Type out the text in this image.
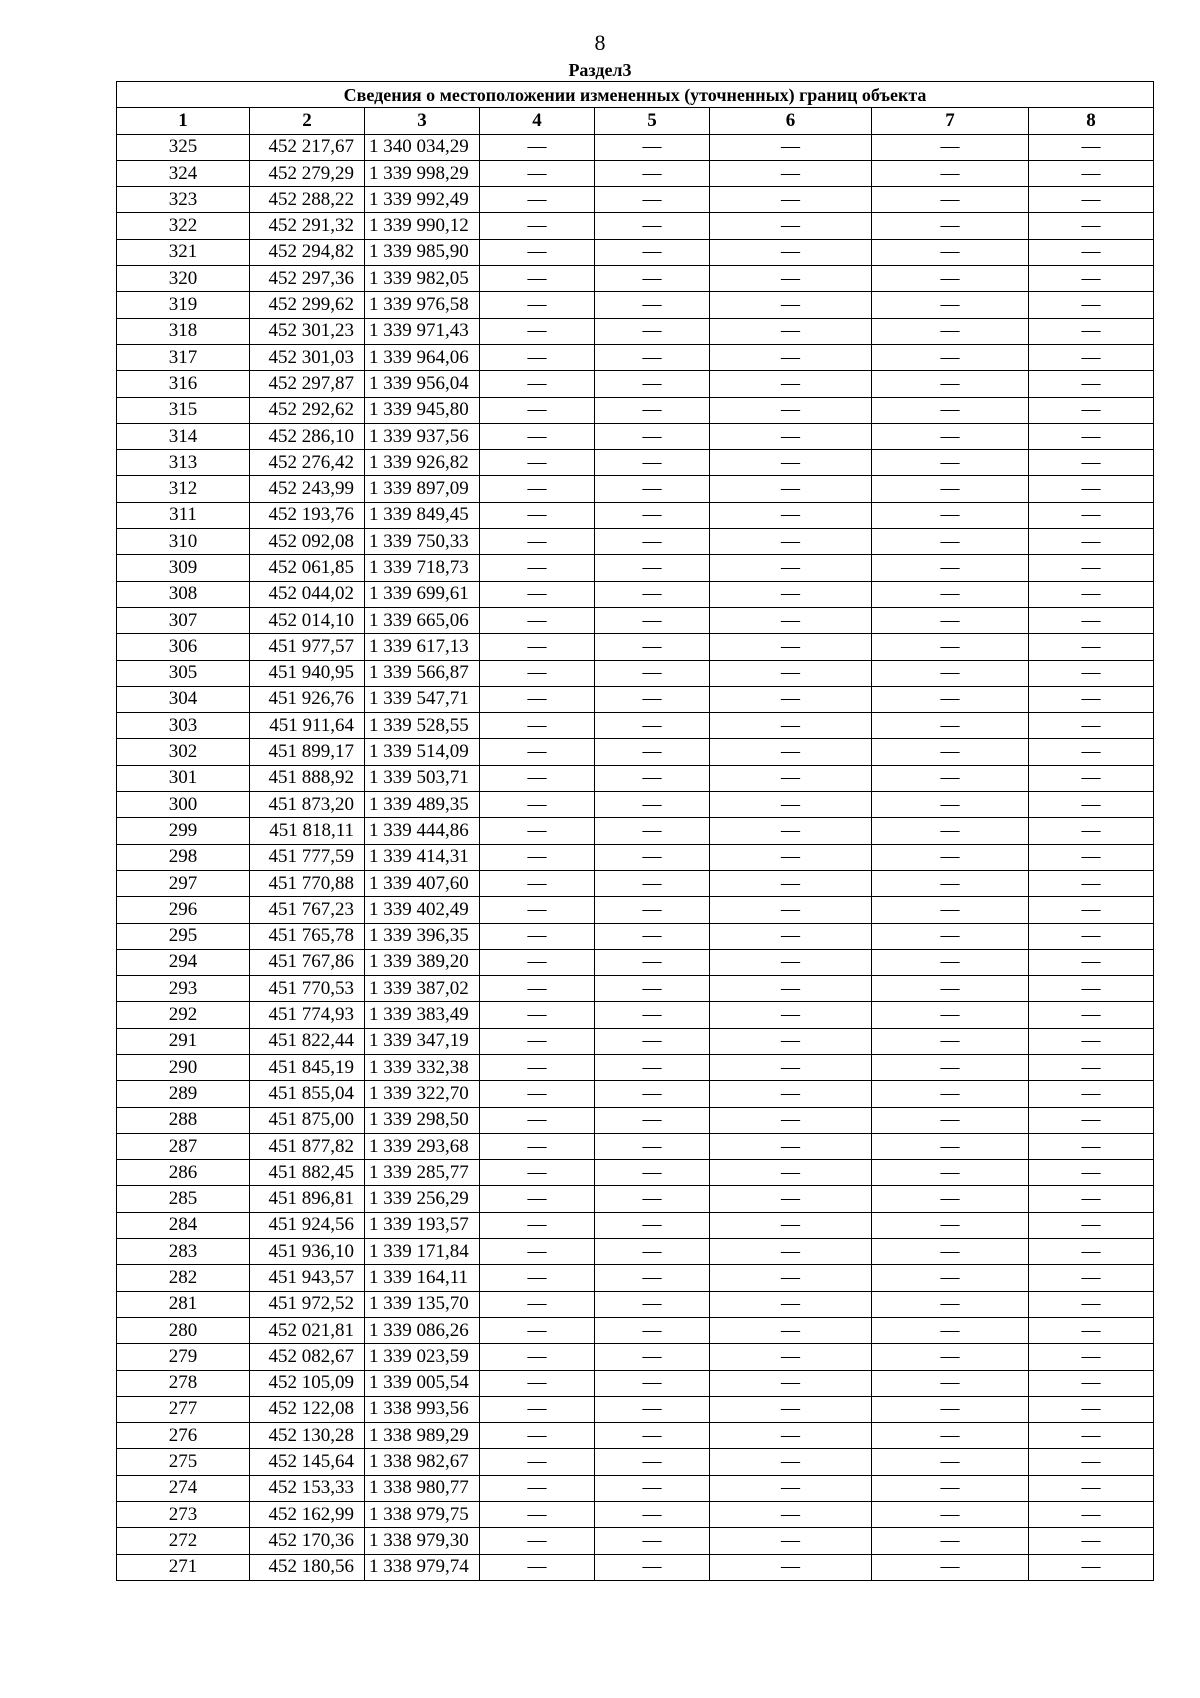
8
Раздел3
Сведения о местоположении измененных (уточненных) границ объекта							
1	2	3	4	5	6	7	8
325	452 217,67	1 340 034,29	—	—	—	—	—
324	452 279,29	1 339 998,29	—	—	—	—	—
323	452 288,22	1 339 992,49	—	—	—	—	—
322	452 291,32	1 339 990,12	—	—	—	—	—
321	452 294,82	1 339 985,90	—	—	—	—	—
320	452 297,36	1 339 982,05	—	—	—	—	—
319	452 299,62	1 339 976,58	—	—	—	—	—
318	452 301,23	1 339 971,43	—	—	—	—	—
317	452 301,03	1 339 964,06	—	—	—	—	—
316	452 297,87	1 339 956,04	—	—	—	—	—
315	452 292,62	1 339 945,80	—	—	—	—	—
314	452 286,10	1 339 937,56	—	—	—	—	—
313	452 276,42	1 339 926,82	—	—	—	—	—
312	452 243,99	1 339 897,09	—	—	—	—	—
311	452 193,76	1 339 849,45	—	—	—	—	—
310	452 092,08	1 339 750,33	—	—	—	—	—
309	452 061,85	1 339 718,73	—	—	—	—	—
308	452 044,02	1 339 699,61	—	—	—	—	—
307	452 014,10	1 339 665,06	—	—	—	—	—
306	451 977,57	1 339 617,13	—	—	—	—	—
305	451 940,95	1 339 566,87	—	—	—	—	—
304	451 926,76	1 339 547,71	—	—	—	—	—
303	451 911,64	1 339 528,55	—	—	—	—	—
302	451 899,17	1 339 514,09	—	—	—	—	—
301	451 888,92	1 339 503,71	—	—	—	—	—
300	451 873,20	1 339 489,35	—	—	—	—	—
299	451 818,11	1 339 444,86	—	—	—	—	—
298	451 777,59	1 339 414,31	—	—	—	—	—
297	451 770,88	1 339 407,60	—	—	—	—	—
296	451 767,23	1 339 402,49	—	—	—	—	—
295	451 765,78	1 339 396,35	—	—	—	—	—
294	451 767,86	1 339 389,20	—	—	—	—	—
293	451 770,53	1 339 387,02	—	—	—	—	—
292	451 774,93	1 339 383,49	—	—	—	—	—
291	451 822,44	1 339 347,19	—	—	—	—	—
290	451 845,19	1 339 332,38	—	—	—	—	—
289	451 855,04	1 339 322,70	—	—	—	—	—
288	451 875,00	1 339 298,50	—	—	—	—	—
287	451 877,82	1 339 293,68	—	—	—	—	—
286	451 882,45	1 339 285,77	—	—	—	—	—
285	451 896,81	1 339 256,29	—	—	—	—	—
284	451 924,56	1 339 193,57	—	—	—	—	—
283	451 936,10	1 339 171,84	—	—	—	—	—
282	451 943,57	1 339 164,11	—	—	—	—	—
281	451 972,52	1 339 135,70	—	—	—	—	—
280	452 021,81	1 339 086,26	—	—	—	—	—
279	452 082,67	1 339 023,59	—	—	—	—	—
278	452 105,09	1 339 005,54	—	—	—	—	—
277	452 122,08	1 338 993,56	—	—	—	—	—
276	452 130,28	1 338 989,29	—	—	—	—	—
275	452 145,64	1 338 982,67	—	—	—	—	—
274	452 153,33	1 338 980,77	—	—	—	—	—
273	452 162,99	1 338 979,75	—	—	—	—	—
272	452 170,36	1 338 979,30	—	—	—	—	—
271	452 180,56	1 338 979,74	—	—	—	—	—
